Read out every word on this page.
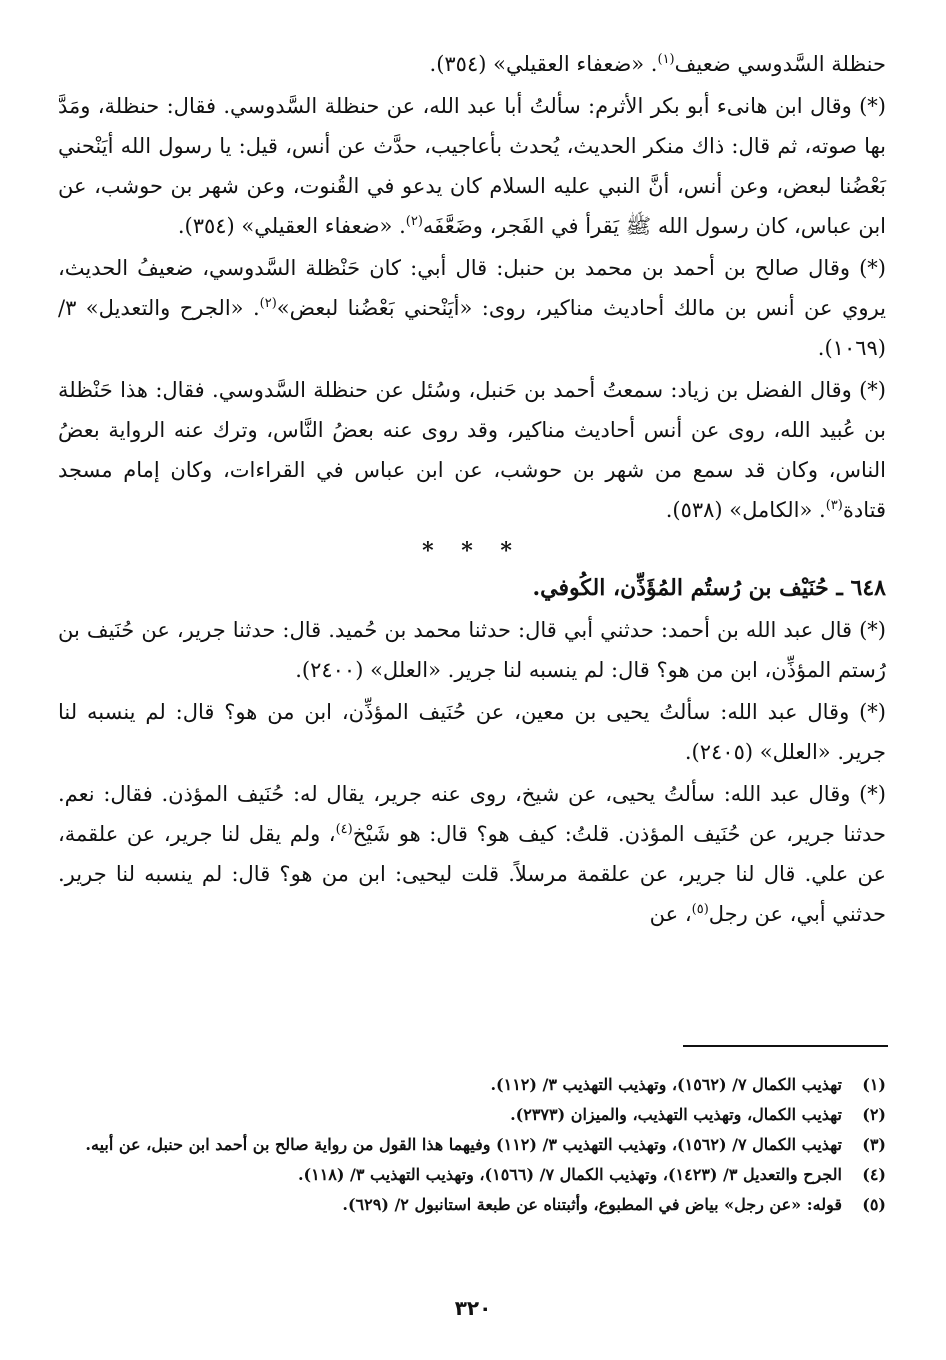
حنظلة السَّدوسي ضعيف$^{(١)}$. «ضعفاء العقيلي» (٣٥٤).

(*) وقال ابن هانىء أبو بكر الأثرم: سألتُ أبا عبد الله، عن حنظلة السَّدوسي. فقال: حنظلة، ومَدَّ بها صوته، ثم قال: ذاك منكر الحديث، يُحدث بأعاجيب، حدَّث عن أنس، قيل: يا رسول الله أيَنْحني بَعْضُنا لبعض، وعن أنس، أنَّ النبي عليه السلام كان يدعو في القُنوت، وعن شهر بن حوشب، عن ابن عباس، كان رسول الله ﷺ يَقرأ في الفَجر، وضَعَّفَه$^{(٢)}$. «ضعفاء العقيلي» (٣٥٤).

(*) وقال صالح بن أحمد بن محمد بن حنبل: قال أبي: كان حَنْظلة السَّدوسي، ضعيفُ الحديث، يروي عن أنس بن مالك أحاديث مناكير، روى: «أيَنْحني بَعْضُنا لبعض»$^{(٢)}$. «الجرح والتعديل» ٣/ (١٠٦٩).

(*) وقال الفضل بن زياد: سمعتُ أحمد بن حَنبل، وسُئل عن حنظلة السَّدوسي. فقال: هذا حَنْظلة بن عُبيد الله، روى عن أنس أحاديث مناكير، وقد روى عنه بعضُ النَّاس، وترك عنه الرواية بعضُ الناس، وكان قد سمع من شهر بن حوشب، عن ابن عباس في القراءات، وكان إمام مسجد قتادة$^{(٣)}$. «الكامل» (٥٣٨).

* * *
٦٤٨ ـ حُنَيْف بن رُستُم المُؤَذِّن، الكُوفي.

(*) قال عبد الله بن أحمد: حدثني أبي قال: حدثنا محمد بن حُميد. قال: حدثنا جرير، عن حُنَيف بن رُستم المؤذِّن، ابن من هو؟ قال: لم ينسبه لنا جرير. «العلل» (٢٤٠٠).

(*) وقال عبد الله: سألتُ يحيى بن معين، عن حُنَيف المؤذِّن، ابن من هو؟ قال: لم ينسبه لنا جرير. «العلل» (٢٤٠٥).

(*) وقال عبد الله: سألتُ يحيى، عن شيخ، روى عنه جرير، يقال له: حُنَيف المؤذن. فقال: نعم. حدثنا جرير، عن حُنَيف المؤذن. قلتُ: كيف هو؟ قال: هو شَيْخ$^{(٤)}$، ولم يقل لنا جرير، عن علقمة، عن علي. قال لنا جرير، عن علقمة مرسلاً. قلت ليحيى: ابن من هو؟ قال: لم ينسبه لنا جرير. حدثني أبي، عن رجل$^{(٥)}$، عن

(١)
تهذيب الكمال ٧/ (١٥٦٢)، وتهذيب التهذيب ٣/ (١١٢).
(٢)
تهذيب الكمال، وتهذيب التهذيب، والميزان (٢٣٧٣).
(٣)
تهذيب الكمال ٧/ (١٥٦٢)، وتهذيب التهذيب ٣/ (١١٢) وفيهما هذا القول من رواية صالح بن أحمد ابن حنبل، عن أبيه.
(٤)
الجرح والتعديل ٣/ (١٤٢٣)، وتهذيب الكمال ٧/ (١٥٦٦)، وتهذيب التهذيب ٣/ (١١٨).
(٥)
قوله: «عن رجل» بياض في المطبوع، وأثبتناه عن طبعة استانبول ٢/ (٦٢٩).
٣٢٠
